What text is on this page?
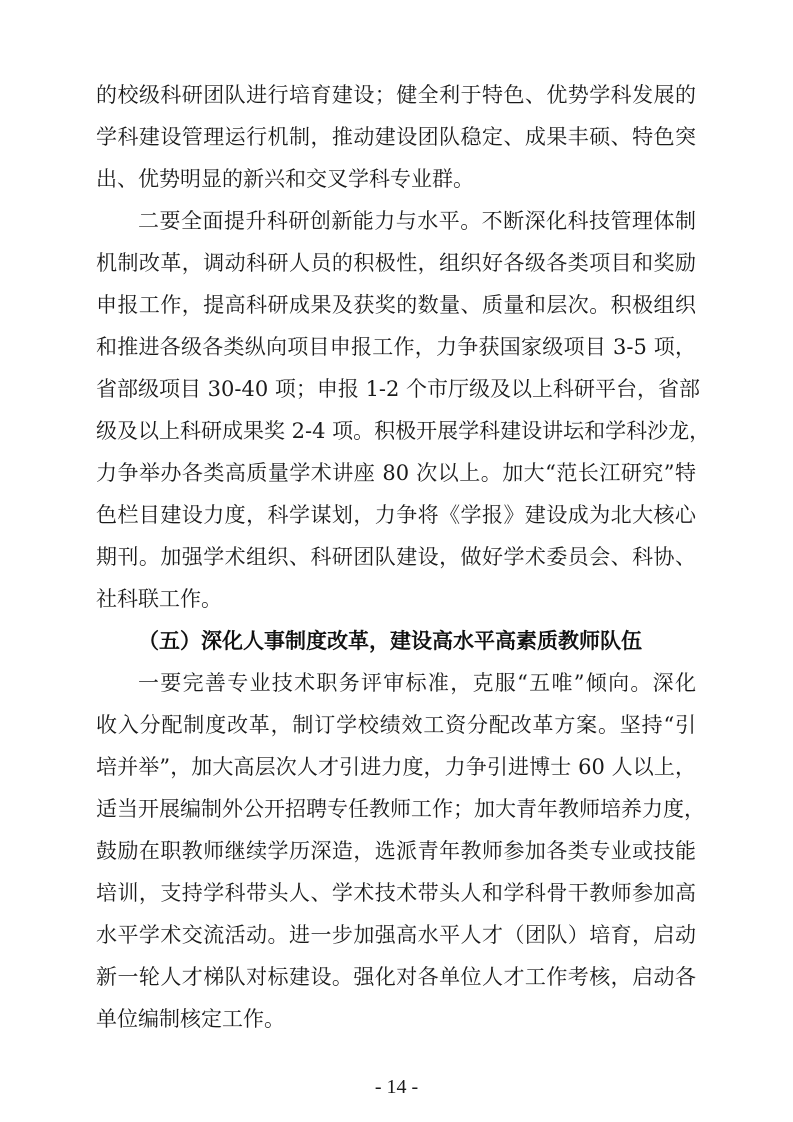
的校级科研团队进行培育建设；健全利于特色、优势学科发展的
学科建设管理运行机制，推动建设团队稳定、成果丰硕、特色突
出、优势明显的新兴和交叉学科专业群。
二要全面提升科研创新能力与水平。不断深化科技管理体制
机制改革，调动科研人员的积极性，组织好各级各类项目和奖励
申报工作，提高科研成果及获奖的数量、质量和层次。积极组织
和推进各级各类纵向项目申报工作，力争获国家级项目 3-5 项，
省部级项目 30-40 项；申报 1-2 个市厅级及以上科研平台，省部
级及以上科研成果奖 2-4 项。积极开展学科建设讲坛和学科沙龙，
力争举办各类高质量学术讲座 80 次以上。加大“范长江研究”特
色栏目建设力度，科学谋划，力争将《学报》建设成为北大核心
期刊。加强学术组织、科研团队建设，做好学术委员会、科协、
社科联工作。
（五）深化人事制度改革，建设高水平高素质教师队伍
一要完善专业技术职务评审标准，克服“五唯”倾向。深化
收入分配制度改革，制订学校绩效工资分配改革方案。坚持“引
培并举”，加大高层次人才引进力度，力争引进博士 60 人以上，
适当开展编制外公开招聘专任教师工作；加大青年教师培养力度，
鼓励在职教师继续学历深造，选派青年教师参加各类专业或技能
培训，支持学科带头人、学术技术带头人和学科骨干教师参加高
水平学术交流活动。进一步加强高水平人才（团队）培育，启动
新一轮人才梯队对标建设。强化对各单位人才工作考核，启动各
单位编制核定工作。
- 14 -
